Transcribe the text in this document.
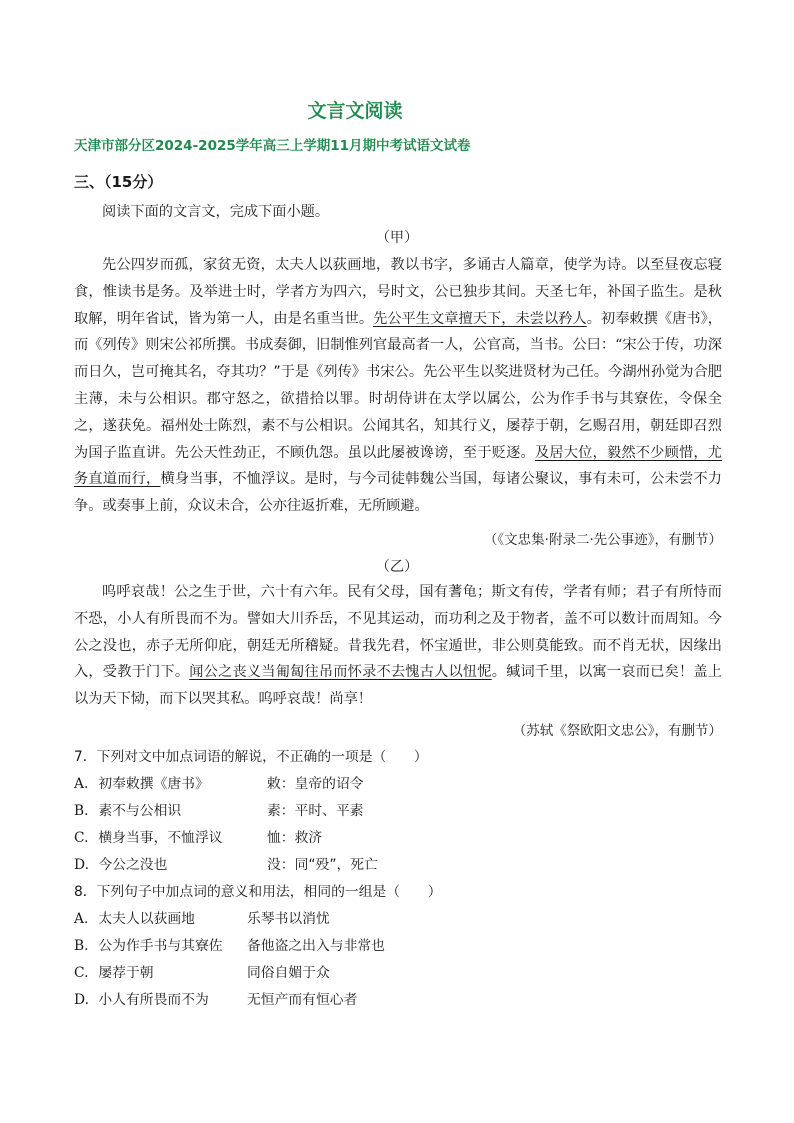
文言文阅读
天津市部分区2024-2025学年高三上学期11月期中考试语文试卷
三、（15分）
阅读下面的文言文，完成下面小题。
（甲）
先公四岁而孤，家贫无资，太夫人以荻画地，教以书字，多诵古人篇章，使学为诗。以至昼夜忘寝食，惟读书是务。及举进士时，学者方为四六，号时文，公已独步其间。天圣七年，补国子监生。是秋取解，明年省试，皆为第一人，由是名重当世。先公平生文章擅天下，未尝以矜人。初奉敕撰《唐书》，而《列传》则宋公祁所撰。书成奏御，旧制惟列官最高者一人，公官高，当书。公曰：“宋公于传，功深而日久，岂可掩其名，夺其功？”于是《列传》书宋公。先公平生以奖进贤材为己任。今湖州孙觉为合肥主薄，未与公相识。郡守怒之，欲措拾以罪。时胡侍讲在太学以属公，公为作手书与其寮佐，令保全之，遂获免。福州处士陈烈，素不与公相识。公闻其名，知其行义，屡荐于朝，乞赐召用，朝廷即召烈为国子监直讲。先公天性劲正，不顾仇怨。虽以此屡被谗谤，至于贬逐。及居大位，毅然不少顾惜，尤务直道而行，横身当事，不恤浮议。是时，与今司徒韩魏公当国，每诸公聚议，事有未可，公未尝不力争。或奏事上前，众议未合，公亦往返折难，无所顾避。
（《文忠集·附录二·先公事迹》，有删节）
（乙）
呜呼哀哉！公之生于世，六十有六年。民有父母，国有蓍龟；斯文有传，学者有师；君子有所恃而不恐，小人有所畏而不为。譬如大川乔岳，不见其运动，而功利之及于物者，盖不可以数计而周知。今公之没也，赤子无所仰庇，朝廷无所稽疑。昔我先君，怀宝遁世，非公则莫能致。而不肖无状，因缘出入，受教于门下。闻公之丧义当匍匐往吊而怀录不去愧古人以忸怩。缄词千里，以寓一哀而已矣！盖上以为天下恸，而下以哭其私。呜呼哀哉！尚享！
（苏轼《祭欧阳文忠公》，有删节）
7．下列对文中加点词语的解说，不正确的一项是（　　）
A. 初奉敕撰《唐书》	敕：皇帝的诏令
B. 素不与公相识	素：平时、平素
C. 横身当事，不恤浮议	恤：救济
D. 今公之没也	没：同“殁”，死亡
8．下列句子中加点词的意义和用法，相同的一组是（　　）
A. 太夫人以荻画地	乐琴书以消忧
B. 公为作手书与其寮佐 备他盗之出入与非常也
C. 屡荐于朝	同俗自媚于众
D. 小人有所畏而不为	无恒产而有恒心者
